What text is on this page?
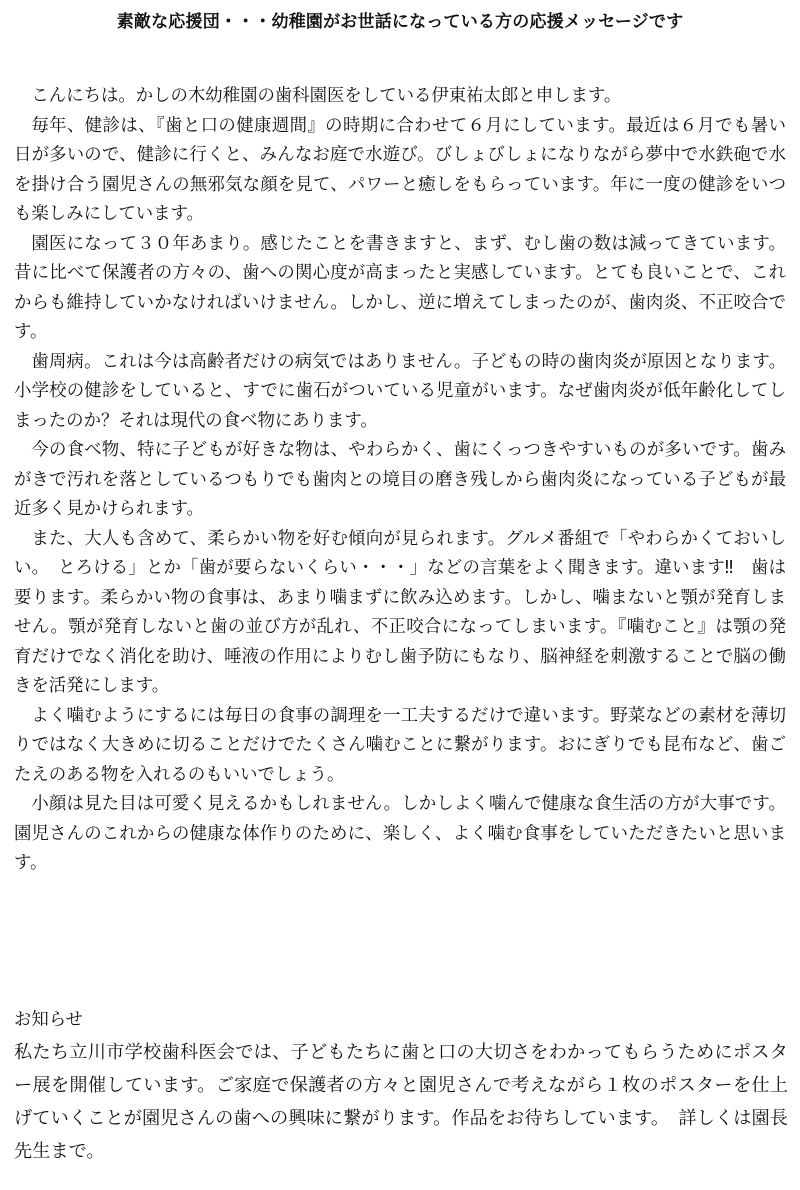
素敵な応援団・・・幼稚園がお世話になっている方の応援メッセージです

こんにちは。かしの木幼稚園の歯科園医をしている伊東祐太郎と申します。

毎年、健診は、『歯と口の健康週間』の時期に合わせて６月にしています。最近は６月でも暑い日が多いので、健診に行くと、みんなお庭で水遊び。びしょびしょになりながら夢中で水鉄砲で水を掛け合う園児さんの無邪気な顔を見て、パワーと癒しをもらっています。年に一度の健診をいつも楽しみにしています。

園医になって３０年あまり。感じたことを書きますと、まず、むし歯の数は減ってきています。昔に比べて保護者の方々の、歯への関心度が高まったと実感しています。とても良いことで、これからも維持していかなければいけません。しかし、逆に増えてしまったのが、歯肉炎、不正咬合です。

歯周病。これは今は高齢者だけの病気ではありません。子どもの時の歯肉炎が原因となります。小学校の健診をしていると、すでに歯石がついている児童がいます。なぜ歯肉炎が低年齢化してしまったのか？それは現代の食べ物にあります。

今の食べ物、特に子どもが好きな物は、やわらかく、歯にくっつきやすいものが多いです。歯みがきで汚れを落としているつもりでも歯肉との境目の磨き残しから歯肉炎になっている子どもが最近多く見かけられます。

また、大人も含めて、柔らかい物を好む傾向が見られます。グルメ番組で「やわらかくておいしい。　とろける」とか「歯が要らないくらい・・・」などの言葉をよく聞きます。違います‼　歯は要ります。柔らかい物の食事は、あまり噛まずに飲み込めます。しかし、噛まないと顎が発育しません。顎が発育しないと歯の並び方が乱れ、不正咬合になってしまいます。『噛むこと』は顎の発育だけでなく消化を助け、唾液の作用によりむし歯予防にもなり、脳神経を刺激することで脳の働きを活発にします。

よく噛むようにするには毎日の食事の調理を一工夫するだけで違います。野菜などの素材を薄切りではなく大きめに切ることだけでたくさん噛むことに繋がります。おにぎりでも昆布など、歯ごたえのある物を入れるのもいいでしょう。

小顔は見た目は可愛く見えるかもしれません。しかしよく噛んで健康な食生活の方が大事です。園児さんのこれからの健康な体作りのために、楽しく、よく噛む食事をしていただきたいと思います。

お知らせ

私たち立川市学校歯科医会では、子どもたちに歯と口の大切さをわかってもらうためにポスター展を開催しています。ご家庭で保護者の方々と園児さんで考えながら１枚のポスターを仕上げていくことが園児さんの歯への興味に繋がります。作品をお待ちしています。　詳しくは園長先生まで。
